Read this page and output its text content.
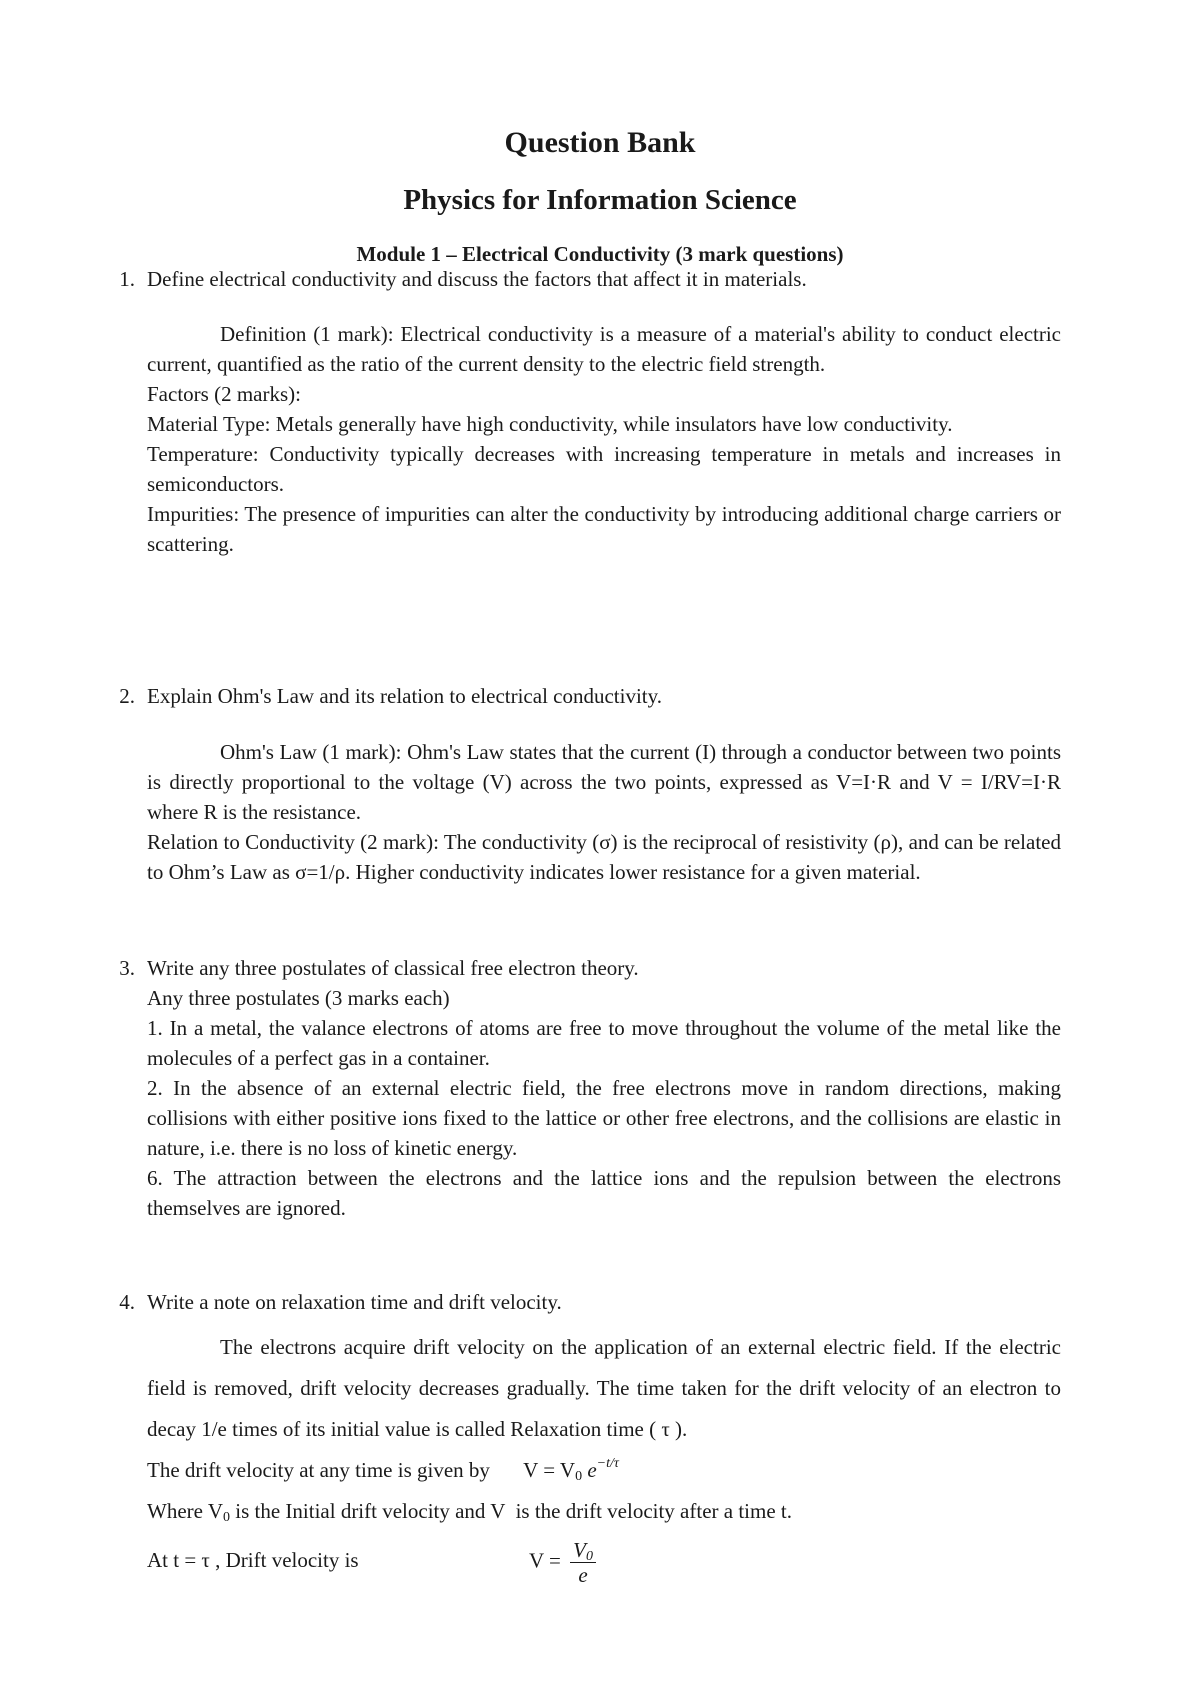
Question Bank
Physics for Information Science
Module 1 – Electrical Conductivity (3 mark questions)
1. Define electrical conductivity and discuss the factors that affect it in materials.

Definition (1 mark): Electrical conductivity is a measure of a material's ability to conduct electric current, quantified as the ratio of the current density to the electric field strength.

Factors (2 marks):

Material Type: Metals generally have high conductivity, while insulators have low conductivity.

Temperature: Conductivity typically decreases with increasing temperature in metals and increases in semiconductors.

Impurities: The presence of impurities can alter the conductivity by introducing additional charge carriers or scattering.

2. Explain Ohm's Law and its relation to electrical conductivity.

Ohm's Law (1 mark): Ohm's Law states that the current (I) through a conductor between two points is directly proportional to the voltage (V) across the two points, expressed as V=I·R and V = I/RV=I·R where R is the resistance.

Relation to Conductivity (2 mark): The conductivity (σ) is the reciprocal of resistivity (ρ), and can be related to Ohm’s Law as σ=1/ρ. Higher conductivity indicates lower resistance for a given material.

3. Write any three postulates of classical free electron theory.

Any three postulates (3 marks each)

1. In a metal, the valance electrons of atoms are free to move throughout the volume of the metal like the molecules of a perfect gas in a container.

2. In the absence of an external electric field, the free electrons move in random directions, making collisions with either positive ions fixed to the lattice or other free electrons, and the collisions are elastic in nature, i.e. there is no loss of kinetic energy.

6. The attraction between the electrons and the lattice ions and the repulsion between the electrons themselves are ignored.

4. Write a note on relaxation time and drift velocity.

The electrons acquire drift velocity on the application of an external electric field. If the electric field is removed, drift velocity decreases gradually. The time taken for the drift velocity of an electron to decay 1/e times of its initial value is called Relaxation time ( τ ).

The drift velocity at any time is given by $V = V_0$ $e^{-t/\tau}$

Where $V_0$ is the Initial drift velocity and V  is the drift velocity after a time t.

At t = τ , Drift velocity is	$V = \frac{V_0}{e}$
